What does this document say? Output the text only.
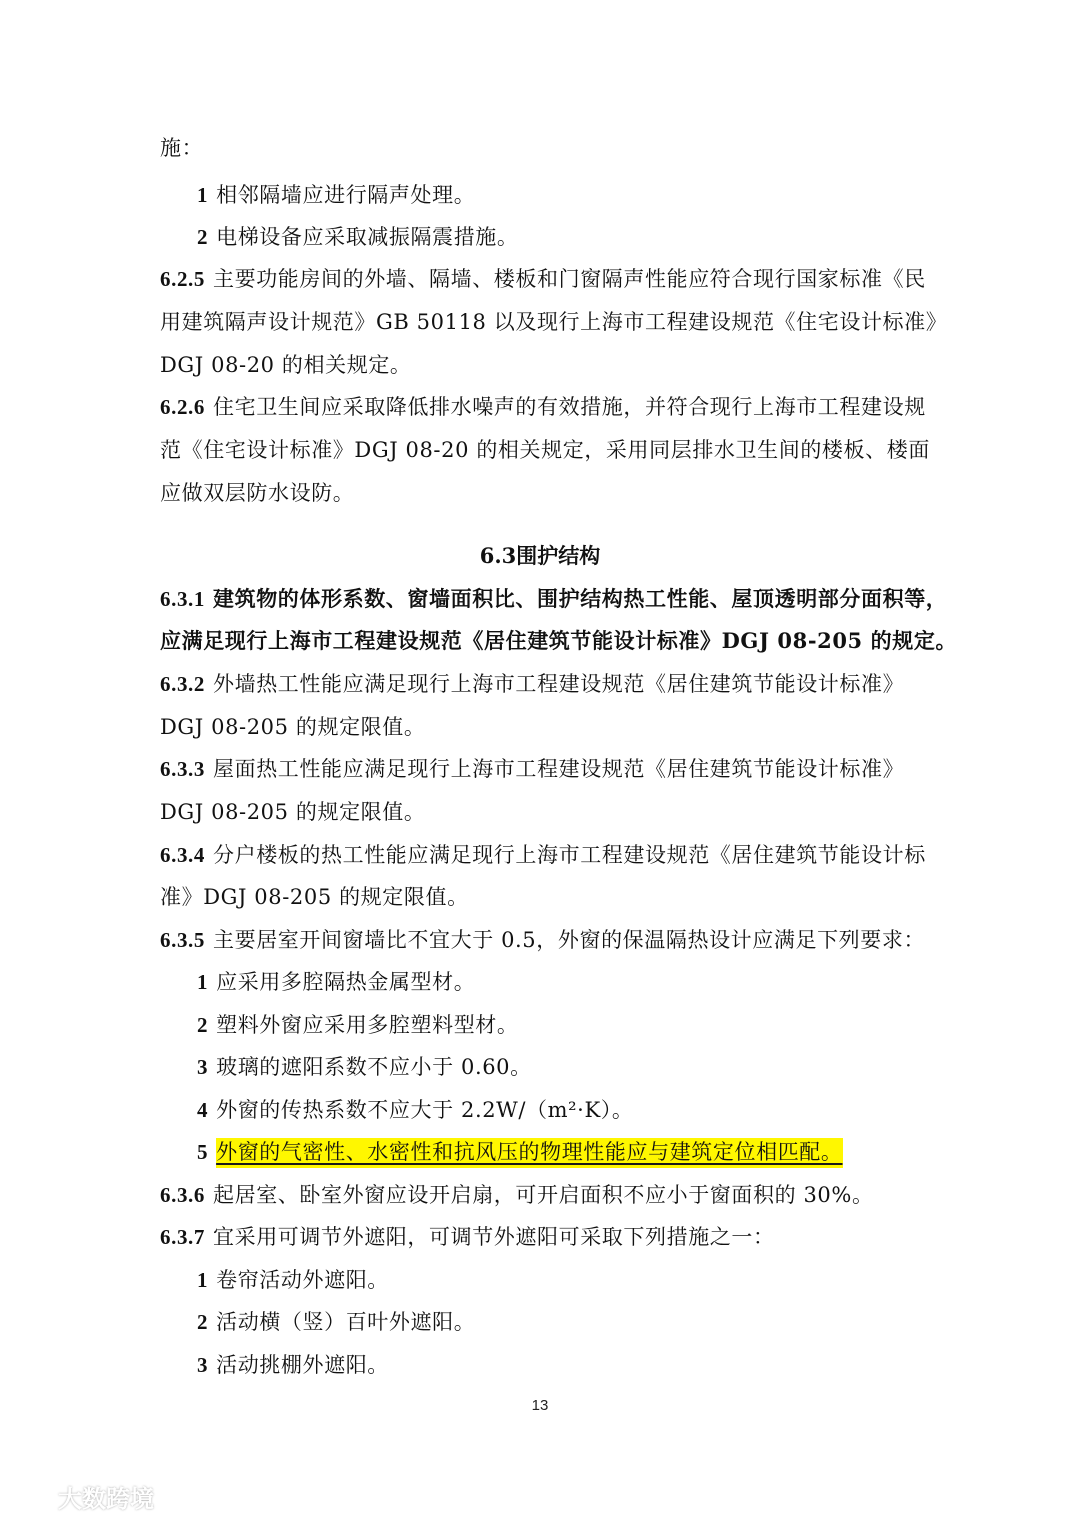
施：
1 相邻隔墙应进行隔声处理。
2 电梯设备应采取减振隔震措施。
6.2.5 主要功能房间的外墙、隔墙、楼板和门窗隔声性能应符合现行国家标准《民
用建筑隔声设计规范》GB 50118 以及现行上海市工程建设规范《住宅设计标准》
DGJ 08-20 的相关规定。
6.2.6 住宅卫生间应采取降低排水噪声的有效措施，并符合现行上海市工程建设规
范《住宅设计标准》DGJ 08-20 的相关规定，采用同层排水卫生间的楼板、楼面
应做双层防水设防。
6.3围护结构
6.3.1 建筑物的体形系数、窗墙面积比、围护结构热工性能、屋顶透明部分面积等，
应满足现行上海市工程建设规范《居住建筑节能设计标准》DGJ 08-205 的规定。
6.3.2 外墙热工性能应满足现行上海市工程建设规范《居住建筑节能设计标准》
DGJ 08-205 的规定限值。
6.3.3 屋面热工性能应满足现行上海市工程建设规范《居住建筑节能设计标准》
DGJ 08-205 的规定限值。
6.3.4 分户楼板的热工性能应满足现行上海市工程建设规范《居住建筑节能设计标
准》DGJ 08-205 的规定限值。
6.3.5 主要居室开间窗墙比不宜大于 0.5，外窗的保温隔热设计应满足下列要求：
1 应采用多腔隔热金属型材。
2 塑料外窗应采用多腔塑料型材。
3 玻璃的遮阳系数不应小于 0.60。
4 外窗的传热系数不应大于 2.2W/（m²·K）。
5 外窗的气密性、水密性和抗风压的物理性能应与建筑定位相匹配。
6.3.6 起居室、卧室外窗应设开启扇，可开启面积不应小于窗面积的 30%。
6.3.7 宜采用可调节外遮阳，可调节外遮阳可采取下列措施之一：
1 卷帘活动外遮阳。
2 活动横（竖）百叶外遮阳。
3 活动挑棚外遮阳。
13
大数跨境
